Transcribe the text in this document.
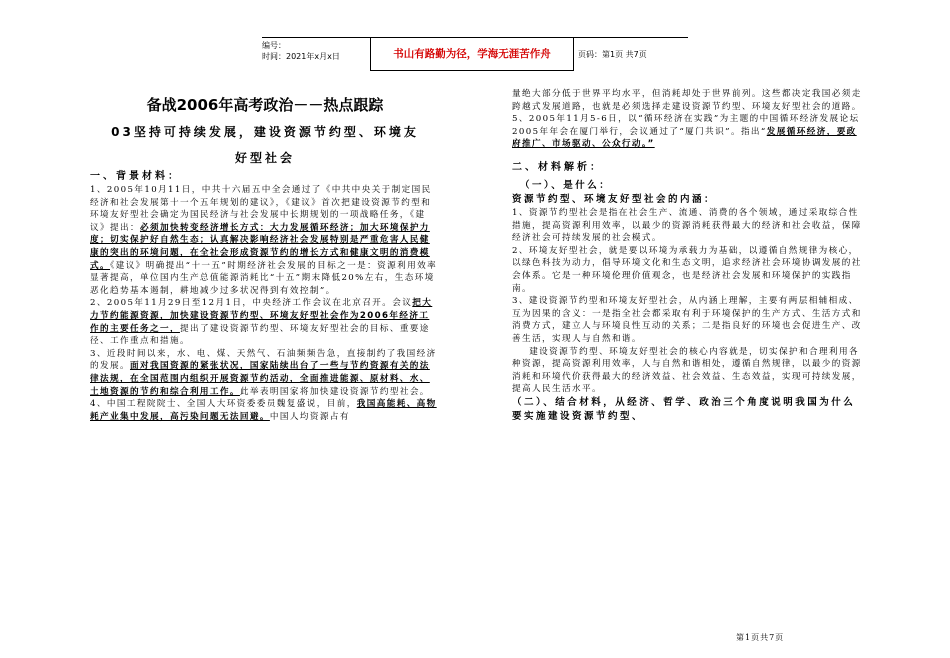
编号：
时间：2021年x月x日	书山有路勤为径，学海无涯苦作舟	页码：第1页 共7页
备战2006年高考政治－－热点跟踪
03坚持可持续发展，建设资源节约型、环境友
好型社会

一、背景材料：

1、2005年10月11日，中共十六届五中全会通过了《中共中央关于制定国民经济和社会发展第十一个五年规划的建议》，《建议》首次把建设资源节约型和环境友好型社会确定为国民经济与社会发展中长期规划的一项战略任务，《建议》提出：必须加快转变经济增长方式：大力发展循环经济；加大环境保护力度；切实保护好自然生态；认真解决影响经济社会发展特别是严重危害人民健康的突出的环境问题，在全社会形成资源节约的增长方式和健康文明的消费模式。《建议》明确提出“十一五”时期经济社会发展的目标之一是：资源利用效率显著提高，单位国内生产总值能源消耗比“十五”期末降低20%左右，生态环境恶化趋势基本遏制，耕地减少过多状况得到有效控制”。

2、2005年11月29日至12月1日，中央经济工作会议在北京召开。会议把大力节约能源资源，加快建设资源节约型、环境友好型社会作为2006年经济工作的主要任务之一，提出了建设资源节约型、环境友好型社会的目标、重要途径、工作重点和措施。

3、近段时间以来，水、电、煤、天然气、石油频频告急，直接制约了我国经济的发展。面对我国资源的紧张状况，国家陆续出台了一些与节约资源有关的法律法规，在全国范围内组织开展资源节约活动，全面推进能源、原材料、水、土地资源的节约和综合利用工作。此举表明国家将加快建设资源节约型社会。

4、中国工程院院士、全国人大环资委委员魏复盛说，目前，我国高能耗、高物耗产业集中发展，高污染问题无法回避。中国人均资源占有

量绝大部分低于世界平均水平，但消耗却处于世界前列。这些都决定我国必须走跨越式发展道路，也就是必须选择走建设资源节约型、环境友好型社会的道路。

5、2005年11月5-6日，以“循环经济在实践”为主题的中国循环经济发展论坛2005年年会在厦门举行，会议通过了“厦门共识”。指出“发展循环经济，要政府推广、市场驱动、公众行动。”

二、材料解析：

（一）、是什么：

资源节约型、环境友好型社会的内涵：

1、资源节约型社会是指在社会生产、流通、消费的各个领域，通过采取综合性措施，提高资源利用效率，以最少的资源消耗获得最大的经济和社会收益，保障经济社会可持续发展的社会模式。

2、环境友好型社会，就是要以环境为承载力为基础，以遵循自然规律为核心，以绿色科技为动力，倡导环境文化和生态文明，追求经济社会环境协调发展的社会体系。它是一种环境伦理价值观念，也是经济社会发展和环境保护的实践指南。

3、建设资源节约型和环境友好型社会，从内涵上理解，主要有两层相辅相成、互为因果的含义：一是指全社会都采取有利于环境保护的生产方式、生活方式和消费方式，建立人与环境良性互动的关系；二是指良好的环境也会促进生产、改善生活，实现人与自然和谐。

建设资源节约型、环境友好型社会的核心内容就是，切实保护和合理利用各种资源，提高资源利用效率，人与自然和谐相处，遵循自然规律，以最少的资源消耗和环境代价获得最大的经济效益、社会效益、生态效益，实现可持续发展，提高人民生活水平。

（二）、结合材料，从经济、哲学、政治三个角度说明我国为什么要实施建设资源节约型、

第1页共7页
